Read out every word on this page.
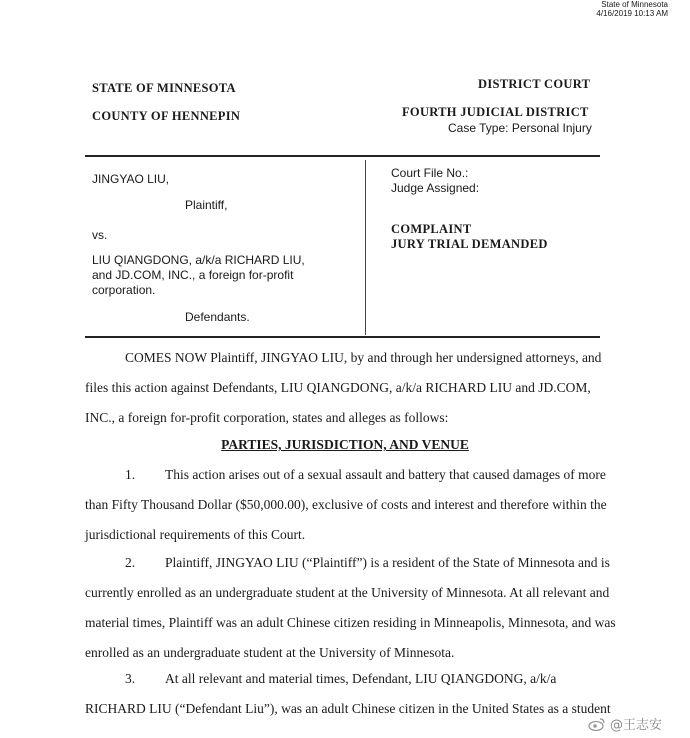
State of Minnesota
4/16/2019 10:13 AM
STATE OF MINNESOTA
COUNTY OF HENNEPIN
DISTRICT COURT
FOURTH JUDICIAL DISTRICT
Case Type: Personal Injury
JINGYAO LIU,
Plaintiff,
vs.
LIU QIANGDONG, a/k/a RICHARD LIU,
and JD.COM, INC., a foreign for-profit
corporation.
Defendants.
Court File No.:
Judge Assigned:
COMPLAINT
JURY TRIAL DEMANDED
COMES NOW Plaintiff, JINGYAO LIU, by and through her undersigned attorneys, and
files this action against Defendants, LIU QIANGDONG, a/k/a RICHARD LIU and JD.COM,
INC., a foreign for-profit corporation, states and alleges as follows:
PARTIES, JURISDICTION, AND VENUE
1. This action arises out of a sexual assault and battery that caused damages of more
than Fifty Thousand Dollar ($50,000.00), exclusive of costs and interest and therefore within the
jurisdictional requirements of this Court.
2. Plaintiff, JINGYAO LIU (“Plaintiff”) is a resident of the State of Minnesota and is
currently enrolled as an undergraduate student at the University of Minnesota. At all relevant and
material times, Plaintiff was an adult Chinese citizen residing in Minneapolis, Minnesota, and was
enrolled as an undergraduate student at the University of Minnesota.
3. At all relevant and material times, Defendant, LIU QIANGDONG, a/k/a
RICHARD LIU (“Defendant Liu”), was an adult Chinese citizen in the United States as a student
@王志安
